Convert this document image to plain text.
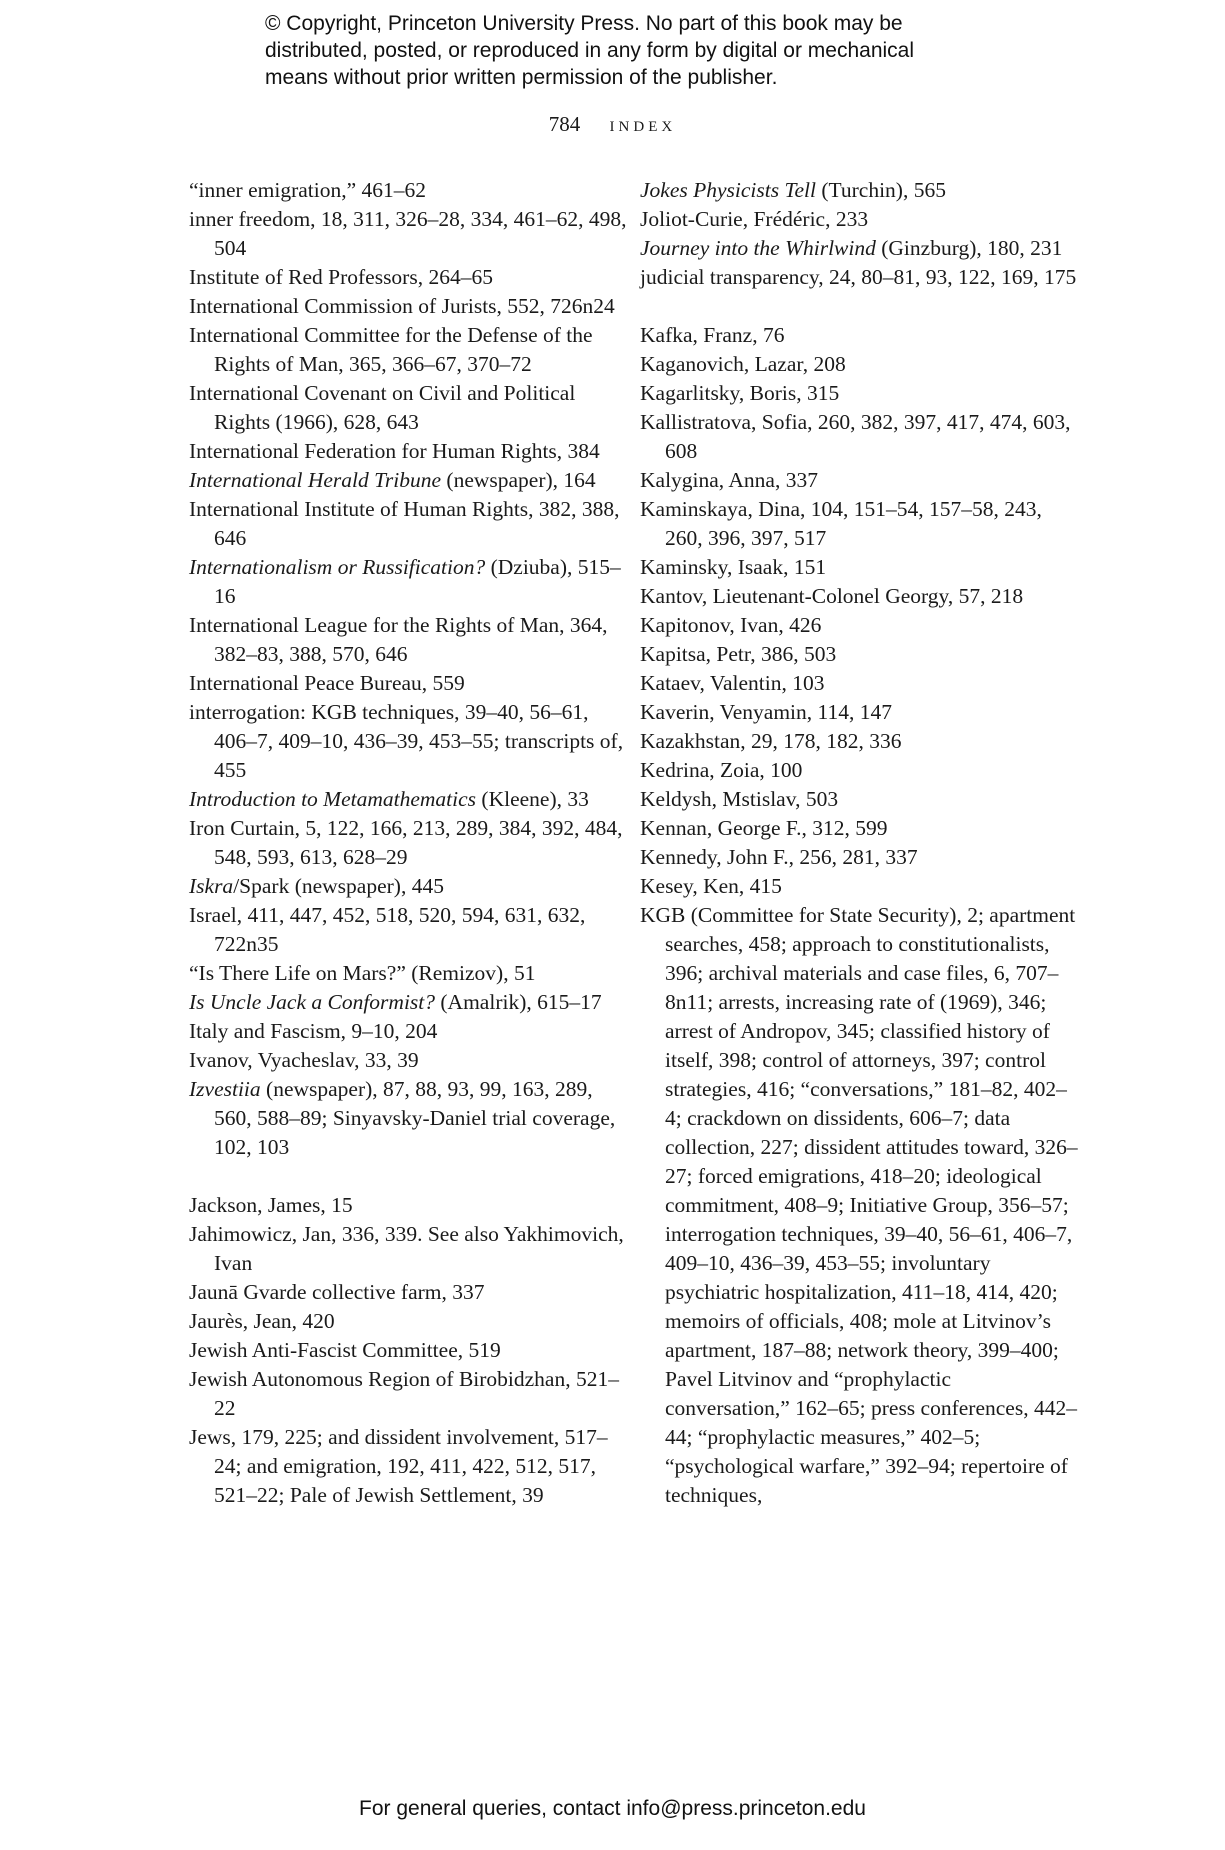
© Copyright, Princeton University Press. No part of this book may be
distributed, posted, or reproduced in any form by digital or mechanical
means without prior written permission of the publisher.
784 index
“inner emigration,” 461–62
inner freedom, 18, 311, 326–28, 334, 461–62, 498, 504
Institute of Red Professors, 264–65
International Commission of Jurists, 552, 726n24
International Committee for the Defense of the Rights of Man, 365, 366–67, 370–72
International Covenant on Civil and Political Rights (1966), 628, 643
International Federation for Human Rights, 384
International Herald Tribune (newspaper), 164
International Institute of Human Rights, 382, 388, 646
Internationalism or Russification? (Dziuba), 515–16
International League for the Rights of Man, 364, 382–83, 388, 570, 646
International Peace Bureau, 559
interrogation: KGB techniques, 39–40, 56–61, 406–7, 409–10, 436–39, 453–55; transcripts of, 455
Introduction to Metamathematics (Kleene), 33
Iron Curtain, 5, 122, 166, 213, 289, 384, 392, 484, 548, 593, 613, 628–29
Iskra/Spark (newspaper), 445
Israel, 411, 447, 452, 518, 520, 594, 631, 632, 722n35
“Is There Life on Mars?” (Remizov), 51
Is Uncle Jack a Conformist? (Amalrik), 615–17
Italy and Fascism, 9–10, 204
Ivanov, Vyacheslav, 33, 39
Izvestiia (newspaper), 87, 88, 93, 99, 163, 289, 560, 588–89; Sinyavsky-Daniel trial coverage, 102, 103
Jackson, James, 15
Jahimowicz, Jan, 336, 339. See also Yakhimovich, Ivan
Jaunā Gvarde collective farm, 337
Jaurès, Jean, 420
Jewish Anti-Fascist Committee, 519
Jewish Autonomous Region of Birobidzhan, 521–22
Jews, 179, 225; and dissident involvement, 517–24; and emigration, 192, 411, 422, 512, 517, 521–22; Pale of Jewish Settlement, 39
Jokes Physicists Tell (Turchin), 565
Joliot-Curie, Frédéric, 233
Journey into the Whirlwind (Ginzburg), 180, 231
judicial transparency, 24, 80–81, 93, 122, 169, 175
Kafka, Franz, 76
Kaganovich, Lazar, 208
Kagarlitsky, Boris, 315
Kallistratova, Sofia, 260, 382, 397, 417, 474, 603, 608
Kalygina, Anna, 337
Kaminskaya, Dina, 104, 151–54, 157–58, 243, 260, 396, 397, 517
Kaminsky, Isaak, 151
Kantov, Lieutenant-Colonel Georgy, 57, 218
Kapitonov, Ivan, 426
Kapitsa, Petr, 386, 503
Kataev, Valentin, 103
Kaverin, Venyamin, 114, 147
Kazakhstan, 29, 178, 182, 336
Kedrina, Zoia, 100
Keldysh, Mstislav, 503
Kennan, George F., 312, 599
Kennedy, John F., 256, 281, 337
Kesey, Ken, 415
KGB (Committee for State Security), 2; apartment searches, 458; approach to constitutionalists, 396; archival materials and case files, 6, 707–8n11; arrests, increasing rate of (1969), 346; arrest of Andropov, 345; classified history of itself, 398; control of attorneys, 397; control strategies, 416; “conversations,” 181–82, 402–4; crackdown on dissidents, 606–7; data collection, 227; dissident attitudes toward, 326–27; forced emigrations, 418–20; ideological commitment, 408–9; Initiative Group, 356–57; interrogation techniques, 39–40, 56–61, 406–7, 409–10, 436–39, 453–55; involuntary psychiatric hospitalization, 411–18, 414, 420; memoirs of officials, 408; mole at Litvinov’s apartment, 187–88; network theory, 399–400; Pavel Litvinov and “prophylactic conversation,” 162–65; press conferences, 442–44; “prophylactic measures,” 402–5; “psychological warfare,” 392–94; repertoire of techniques,
For general queries, contact info@press.princeton.edu
